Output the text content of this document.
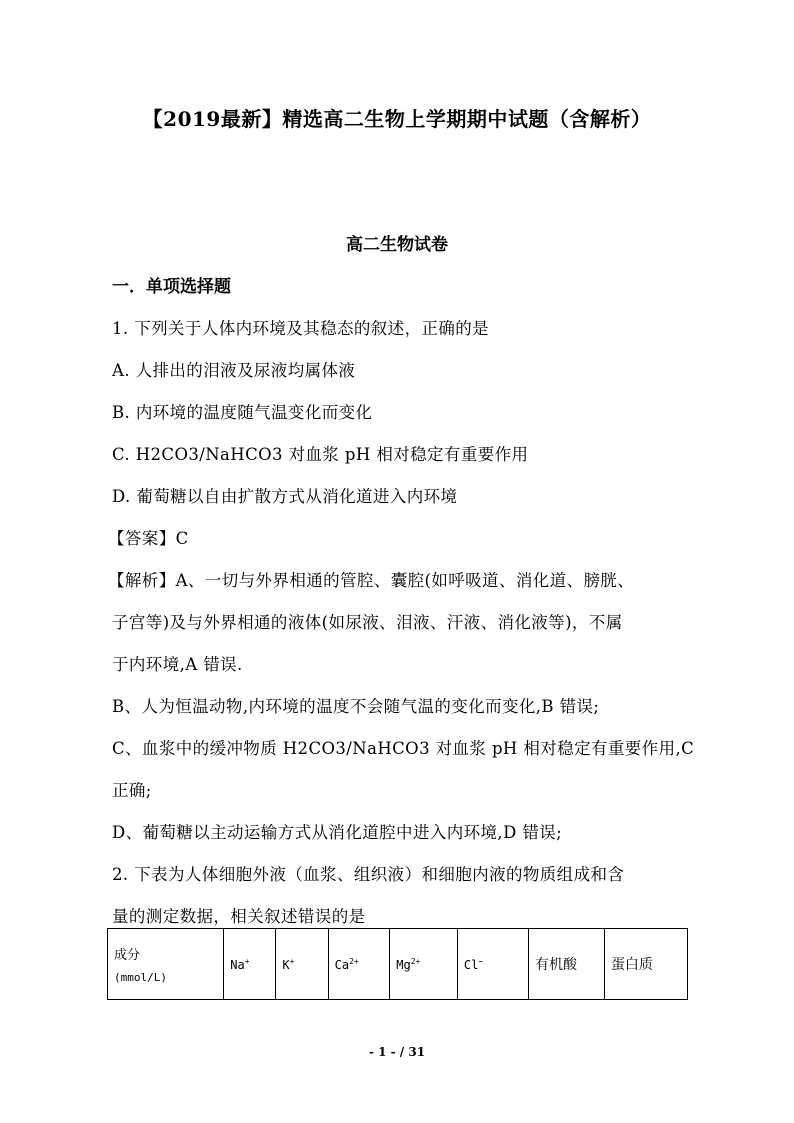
【2019最新】精选高二生物上学期期中试题（含解析）
高二生物试卷
一．单项选择题
1. 下列关于人体内环境及其稳态的叙述，正确的是
A. 人排出的泪液及尿液均属体液
B. 内环境的温度随气温变化而变化
C. H2CO3/NaHCO3 对血浆 pH 相对稳定有重要作用
D. 葡萄糖以自由扩散方式从消化道进入内环境
【答案】C
【解析】A、一切与外界相通的管腔、囊腔(如呼吸道、消化道、膀胱、
子宫等)及与外界相通的液体(如尿液、泪液、汗液、消化液等)，不属
于内环境,A 错误.
B、人为恒温动物,内环境的温度不会随气温的变化而变化,B 错误;
C、血浆中的缓冲物质 H2CO3/NaHCO3 对血浆 pH 相对稳定有重要作用,C
正确;
D、葡萄糖以主动运输方式从消化道腔中进入内环境,D 错误;
2. 下表为人体细胞外液（血浆、组织液）和细胞内液的物质组成和含
量的测定数据，相关叙述错误的是
成分
(mmol/L)
	Na+	K+	$Ca^{2+}$	$Mg^{2+}$	Cl−	有机酸	蛋白质
- 1 - / 31
